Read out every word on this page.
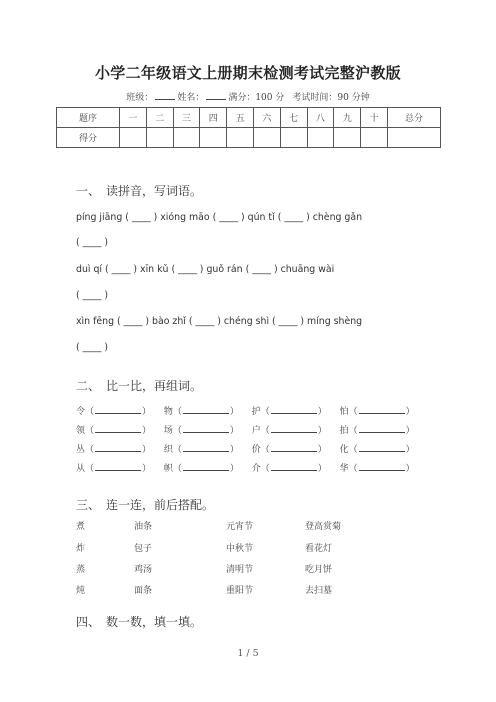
小学二年级语文上册期末检测考试完整沪教版
班级：	姓名：	满分：100 分 考试时间：90 分钟
题序	一	二	三	四	五	六	七	八	九	十	总分
得分											
一、 读拼音，写词语。
píng jiāng ( ____ ) xióng māo ( ____ ) qún tǐ ( ____ ) chèng gǎn
( ____ )
duì qí ( ____ ) xīn kǔ ( ____ ) guǒ rán ( ____ ) chuāng wài
( ____ )
xìn fēng ( ____ ) bào zhǐ ( ____ ) chéng shì ( ____ ) míng shèng
( ____ )
二、 比一比，再组词。
令（	） 物（	） 护（	） 怕（	）
领（	） 场（	） 户（	） 拍（	）
丛（	） 织（	） 价（	） 化（	）
从（	） 帜（	） 介（	） 华（	）
三、 连一连，前后搭配。
煮	油条	元宵节	登高赏菊
炸	包子	中秋节	看花灯
蒸	鸡汤	清明节	吃月饼
炖	面条	重阳节	去扫墓
四、 数一数，填一填。
1 / 5
